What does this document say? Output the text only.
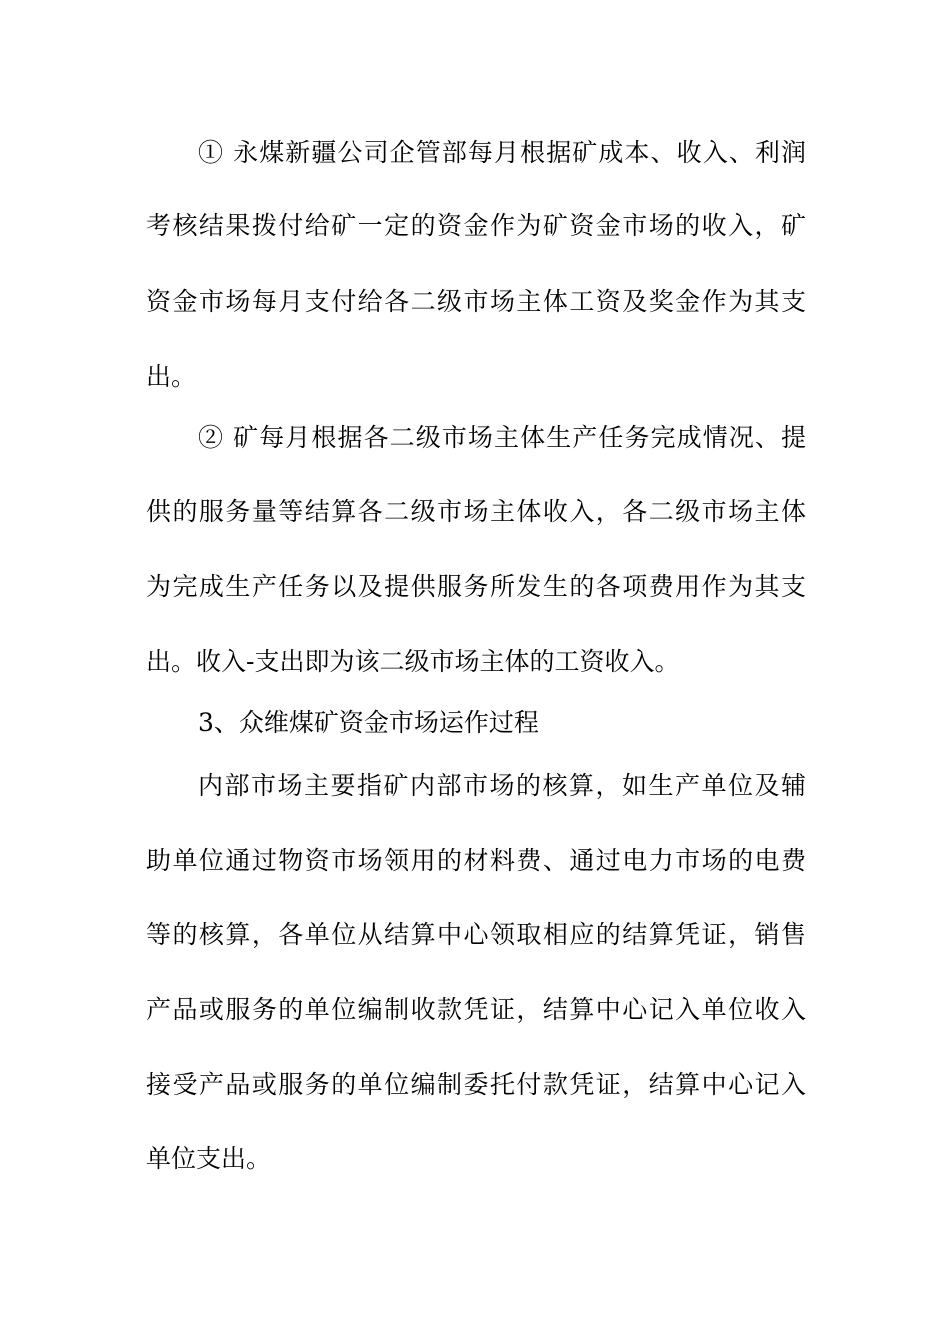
① 永煤新疆公司企管部每月根据矿成本、收入、利润
考核结果拨付给矿一定的资金作为矿资金市场的收入，矿
资金市场每月支付给各二级市场主体工资及奖金作为其支
出。
② 矿每月根据各二级市场主体生产任务完成情况、提
供的服务量等结算各二级市场主体收入，各二级市场主体
为完成生产任务以及提供服务所发生的各项费用作为其支
出。收入-支出即为该二级市场主体的工资收入。
3、众维煤矿资金市场运作过程
内部市场主要指矿内部市场的核算，如生产单位及辅
助单位通过物资市场领用的材料费、通过电力市场的电费
等的核算，各单位从结算中心领取相应的结算凭证，销售
产品或服务的单位编制收款凭证，结算中心记入单位收入
接受产品或服务的单位编制委托付款凭证，结算中心记入
单位支出。
